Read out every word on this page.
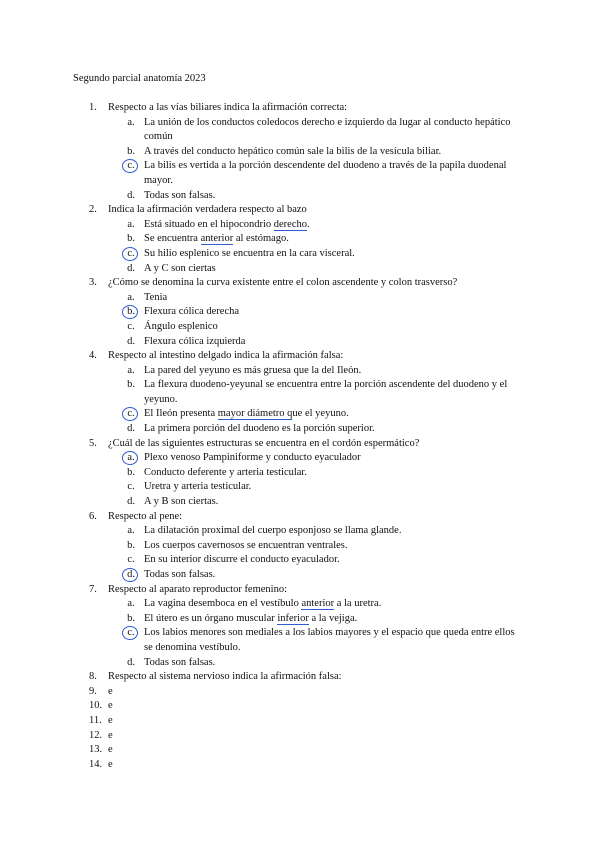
Segundo parcial anatomía 2023
1. Respecto a las vías biliares indica la afirmación correcta:
a. La unión de los conductos coledocos derecho e izquierdo da lugar al conducto hepático común
b. A través del conducto hepático común sale la bilis de la vesícula biliar.
c. La bilis es vertida a la porción descendente del duodeno a través de la papila duodenal mayor.
d. Todas son falsas.
2. Indica la afirmación verdadera respecto al bazo
a. Está situado en el hipocondrio derecho.
b. Se encuentra anterior al estómago.
c. Su hilio esplenico se encuentra en la cara visceral.
d. A y C son ciertas
3. ¿Cómo se denomina la curva existente entre el colon ascendente y colon trasverso?
a. Tenia
b. Flexura cólica derecha
c. Ángulo esplenico
d. Flexura cólica izquierda
4. Respecto al intestino delgado indica la afirmación falsa:
a. La pared del yeyuno es más gruesa que la del Ileón.
b. La flexura duodeno-yeyunal se encuentra entre la porción ascendente del duodeno y el yeyuno.
c. El Ileón presenta mayor diámetro que el yeyuno.
d. La primera porción del duodeno es la porción superior.
5. ¿Cuál de las siguientes estructuras se encuentra en el cordón espermático?
a. Plexo venoso Pampiniforme y conducto eyaculador
b. Conducto deferente y arteria testicular.
c. Uretra y arteria testicular.
d. A y B son ciertas.
6. Respecto al pene:
a. La dilatación proximal del cuerpo esponjoso se llama glande.
b. Los cuerpos cavernosos se encuentran ventrales.
c. En su interior discurre el conducto eyaculador.
d. Todas son falsas.
7. Respecto al aparato reproductor femenino:
a. La vagina desemboca en el vestíbulo anterior a la uretra.
b. El útero es un órgano muscular inferior a la vejiga.
c. Los labios menores son mediales a los labios mayores y el espacio que queda entre ellos se denomina vestíbulo.
d. Todas son falsas.
8. Respecto al sistema nervioso indica la afirmación falsa:
9. e
10. e
11. e
12. e
13. e
14. e
